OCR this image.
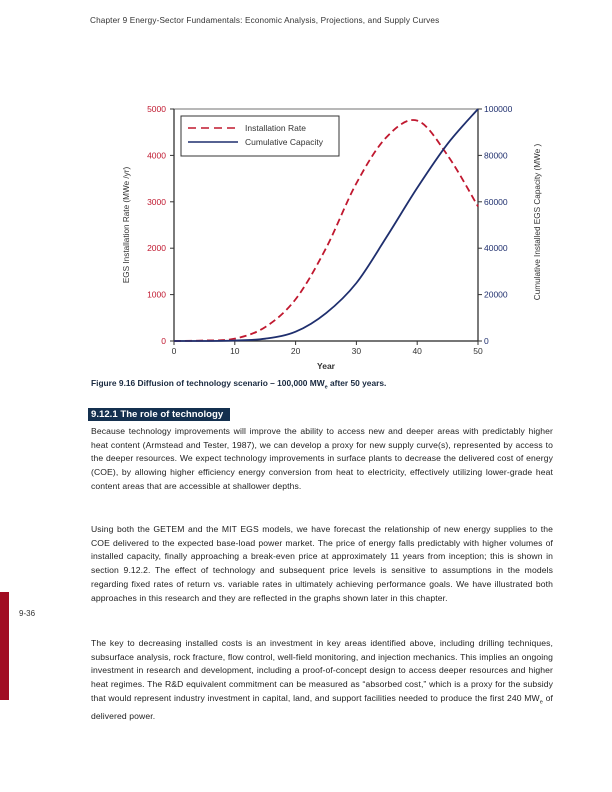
Chapter 9 Energy-Sector Fundamentals: Economic Analysis, Projections, and Supply Curves
0	10	20	30	40	50
0
1000
2000
3000
4000
5000
0
20000
40000
60000
80000
100000
Year
EGS Installation Rate (MWe /yr)	Cumulative Installed EGS Capacity (MWe )
Installation Rate
Cumulative Capacity
Figure 9.16 Diffusion of technology scenario – 100,000 $MW_e$ after 50 years.
9.12.1 The role of technology
Because technology improvements will improve the ability to access new and deeper areas with predictably higher heat content (Armstead and Tester, 1987), we can develop a proxy for new supply curve(s), represented by access to the deeper resources. We expect technology improvements in surface plants to decrease the delivered cost of energy (COE), by allowing higher efficiency energy conversion from heat to electricity, effectively utilizing lower-grade heat content areas that are accessible at shallower depths.
Using both the GETEM and the MIT EGS models, we have forecast the relationship of new energy supplies to the COE delivered to the expected base-load power market. The price of energy falls predictably with higher volumes of installed capacity, finally approaching a break-even price at approximately 11 years from inception; this is shown in section 9.12.2. The effect of technology and subsequent price levels is sensitive to assumptions in the models regarding fixed rates of return vs. variable rates in ultimately achieving performance goals. We have illustrated both approaches in this research and they are reflected in the graphs shown later in this chapter.
The key to decreasing installed costs is an investment in key areas identified above, including drilling techniques, subsurface analysis, rock fracture, flow control, well-field monitoring, and injection mechanics. This implies an ongoing investment in research and development, including a proof-of-concept design to access deeper resources and higher heat regimes. The R&D equivalent commitment can be measured as “absorbed cost,” which is a proxy for the subsidy that would represent industry investment in capital, land, and support facilities needed to produce the first 240 $MW_e$ of delivered power.
9-36
